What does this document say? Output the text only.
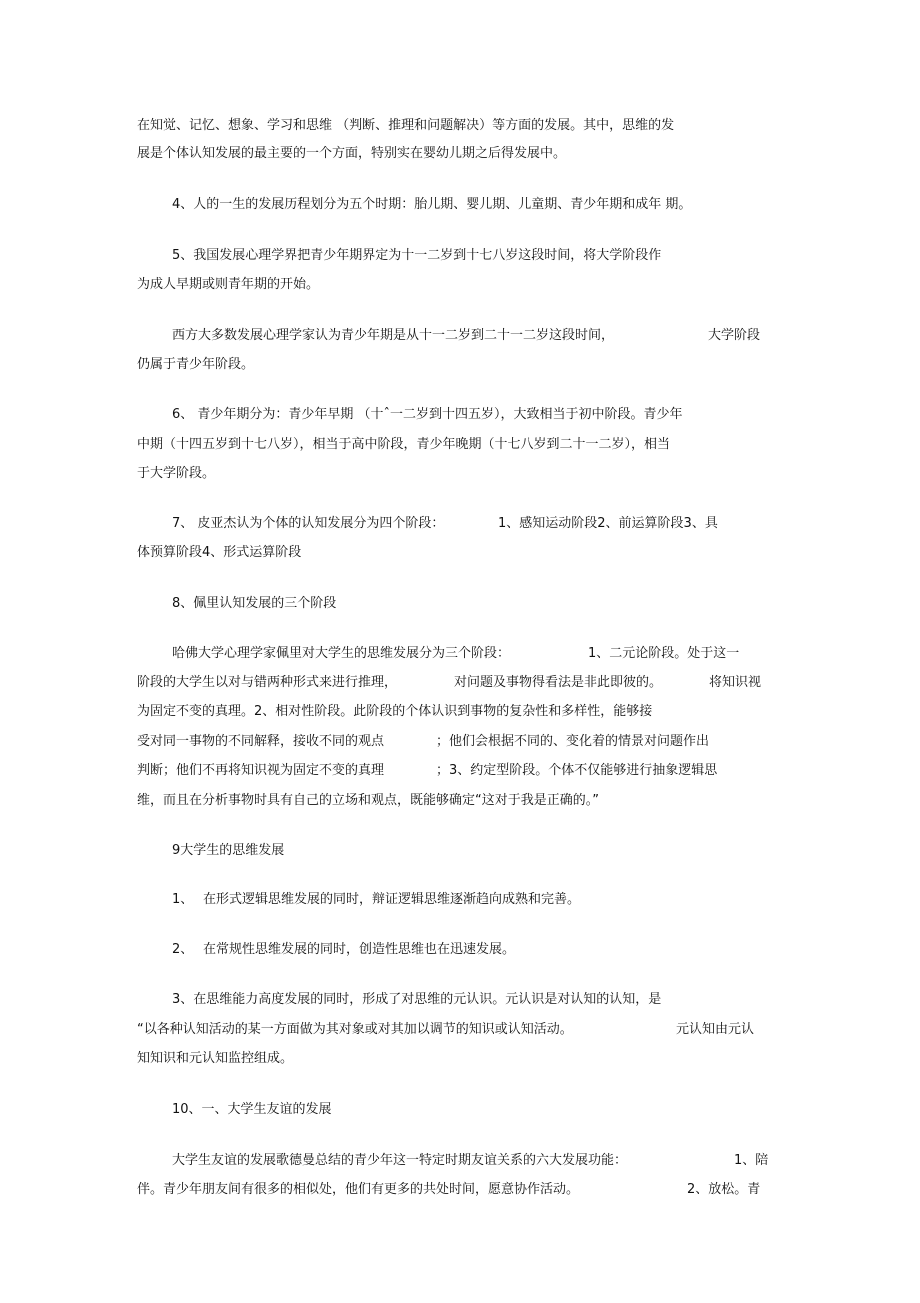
在知觉、记忆、想象、学习和思维 （判断、推理和问题解决）等方面的发展。其中，思维的发
展是个体认知发展的最主要的一个方面，特别实在婴幼儿期之后得发展中。
4、人的一生的发展历程划分为五个时期：胎儿期、婴儿期、儿童期、青少年期和成年 期。
5、我国发展心理学界把青少年期界定为十一二岁到十七八岁这段时间，将大学阶段作
为成人早期或则青年期的开始。
西方大多数发展心理学家认为青少年期是从十一二岁到二十一二岁这段时间，	大学阶段
仍属于青少年阶段。
6、 青少年期分为：青少年早期 （十ˆ一二岁到十四五岁），大致相当于初中阶段。青少年
中期（十四五岁到十七八岁），相当于高中阶段，青少年晚期（十七八岁到二十一二岁），相当
于大学阶段。
7、 皮亚杰认为个体的认知发展分为四个阶段：	1、感知运动阶段2、前运算阶段3、具
体预算阶段4、形式运算阶段
8、佩里认知发展的三个阶段
哈佛大学心理学家佩里对大学生的思维发展分为三个阶段：	1、二元论阶段。处于这一
阶段的大学生以对与错两种形式来进行推理，	对问题及事物得看法是非此即彼的。	将知识视
为固定不变的真理。2、相对性阶段。此阶段的个体认识到事物的复杂性和多样性，能够接
受对同一事物的不同解释，接收不同的观点	；他们会根据不同的、变化着的情景对问题作出
判断；他们不再将知识视为固定不变的真理	；3、约定型阶段。个体不仅能够进行抽象逻辑思
维，而且在分析事物时具有自己的立场和观点，既能够确定“这对于我是正确的。”
9大学生的思维发展
1、 在形式逻辑思维发展的同时，辩证逻辑思维逐渐趋向成熟和完善。
2、 在常规性思维发展的同时，创造性思维也在迅速发展。
3、在思维能力高度发展的同时，形成了对思维的元认识。元认识是对认知的认知，是
“以各种认知活动的某一方面做为其对象或对其加以调节的知识或认知活动。	元认知由元认
知知识和元认知监控组成。
10、一、大学生友谊的发展
大学生友谊的发展歌德曼总结的青少年这一特定时期友谊关系的六大发展功能：	1、陪
伴。青少年朋友间有很多的相似处，他们有更多的共处时间，愿意协作活动。	2、放松。青
